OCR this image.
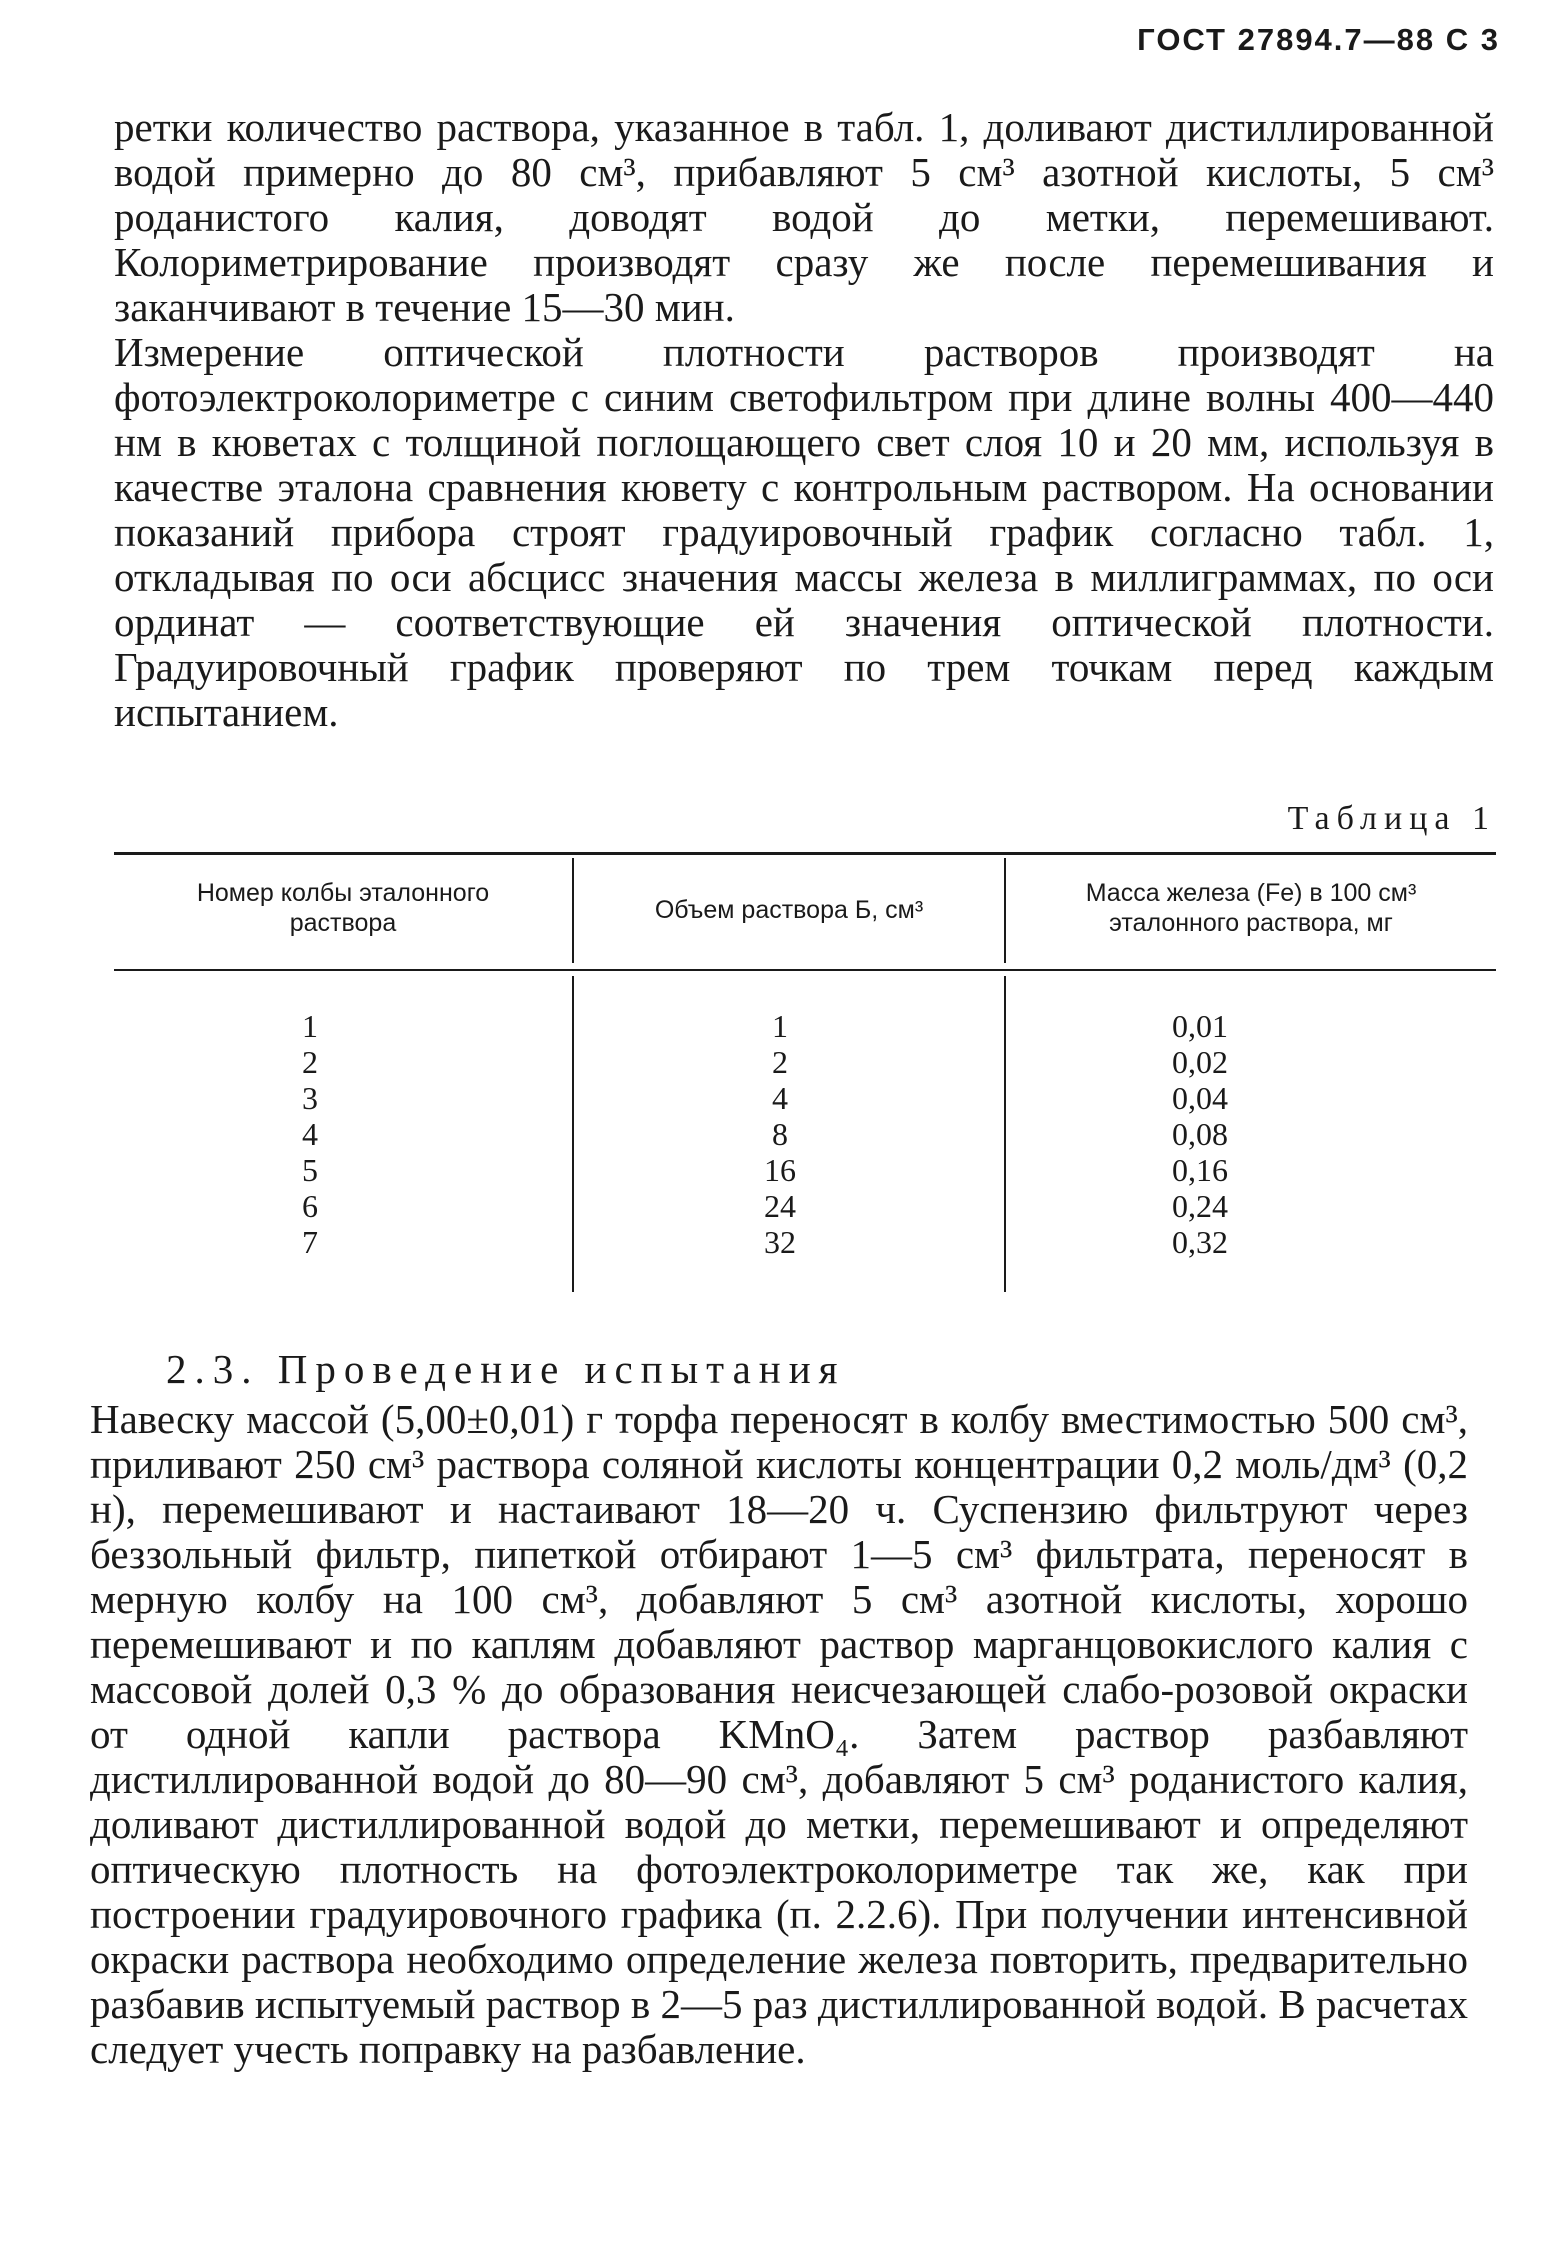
ГОСТ 27894.7—88 С 3

ретки количество раствора, указанное в табл. 1, доливают дистиллированной водой примерно до 80 см³, прибавляют 5 см³ азотной кислоты, 5 см³ роданистого калия, доводят водой до метки, перемешивают. Колориметрирование производят сразу же после перемешивания и заканчивают в течение 15—30 мин.

Измерение оптической плотности растворов производят на фотоэлектроколориметре с синим светофильтром при длине волны 400—440 нм в кюветах с толщиной поглощающего свет слоя 10 и 20 мм, используя в качестве эталона сравнения кювету с контрольным раствором. На основании показаний прибора строят градуировочный график согласно табл. 1, откладывая по оси абсцисс значения массы железа в миллиграммах, по оси ординат — соответствующие ей значения оптической плотности. Градуировочный график проверяют по трем точкам перед каждым испытанием.

Таблица 1
Номер колбы эталонного
раствора	Объем раствора Б, см³
Масса железа (Fe) в 100 см³
эталонного раствора, мг
1
2
3
4
5
6
7
1
2
4
8
16
24
32
0,01
0,02
0,04
0,08
0,16
0,24
0,32
2.3. Проведение испытания

Навеску массой (5,00±0,01) г торфа переносят в колбу вместимостью 500 см³, приливают 250 см³ раствора соляной кислоты концентрации 0,2 моль/дм³ (0,2 н), перемешивают и настаивают 18—20 ч. Суспензию фильтруют через беззольный фильтр, пипеткой отбирают 1—5 см³ фильтрата, переносят в мерную колбу на 100 см³, добавляют 5 см³ азотной кислоты, хорошо перемешивают и по каплям добавляют раствор марганцовокислого калия с массовой долей 0,3 % до образования неисчезающей слабо-розовой окраски от одной капли раствора KMnO₄. Затем раствор разбавляют дистиллированной водой до 80—90 см³, добавляют 5 см³ роданистого калия, доливают дистиллированной водой до метки, перемешивают и определяют оптическую плотность на фотоэлектроколориметре так же, как при построении градуировочного графика (п. 2.2.6). При получении интенсивной окраски раствора необходимо определение железа повторить, предварительно разбавив испытуемый раствор в 2—5 раз дистиллированной водой. В расчетах следует учесть поправку на разбавление.
